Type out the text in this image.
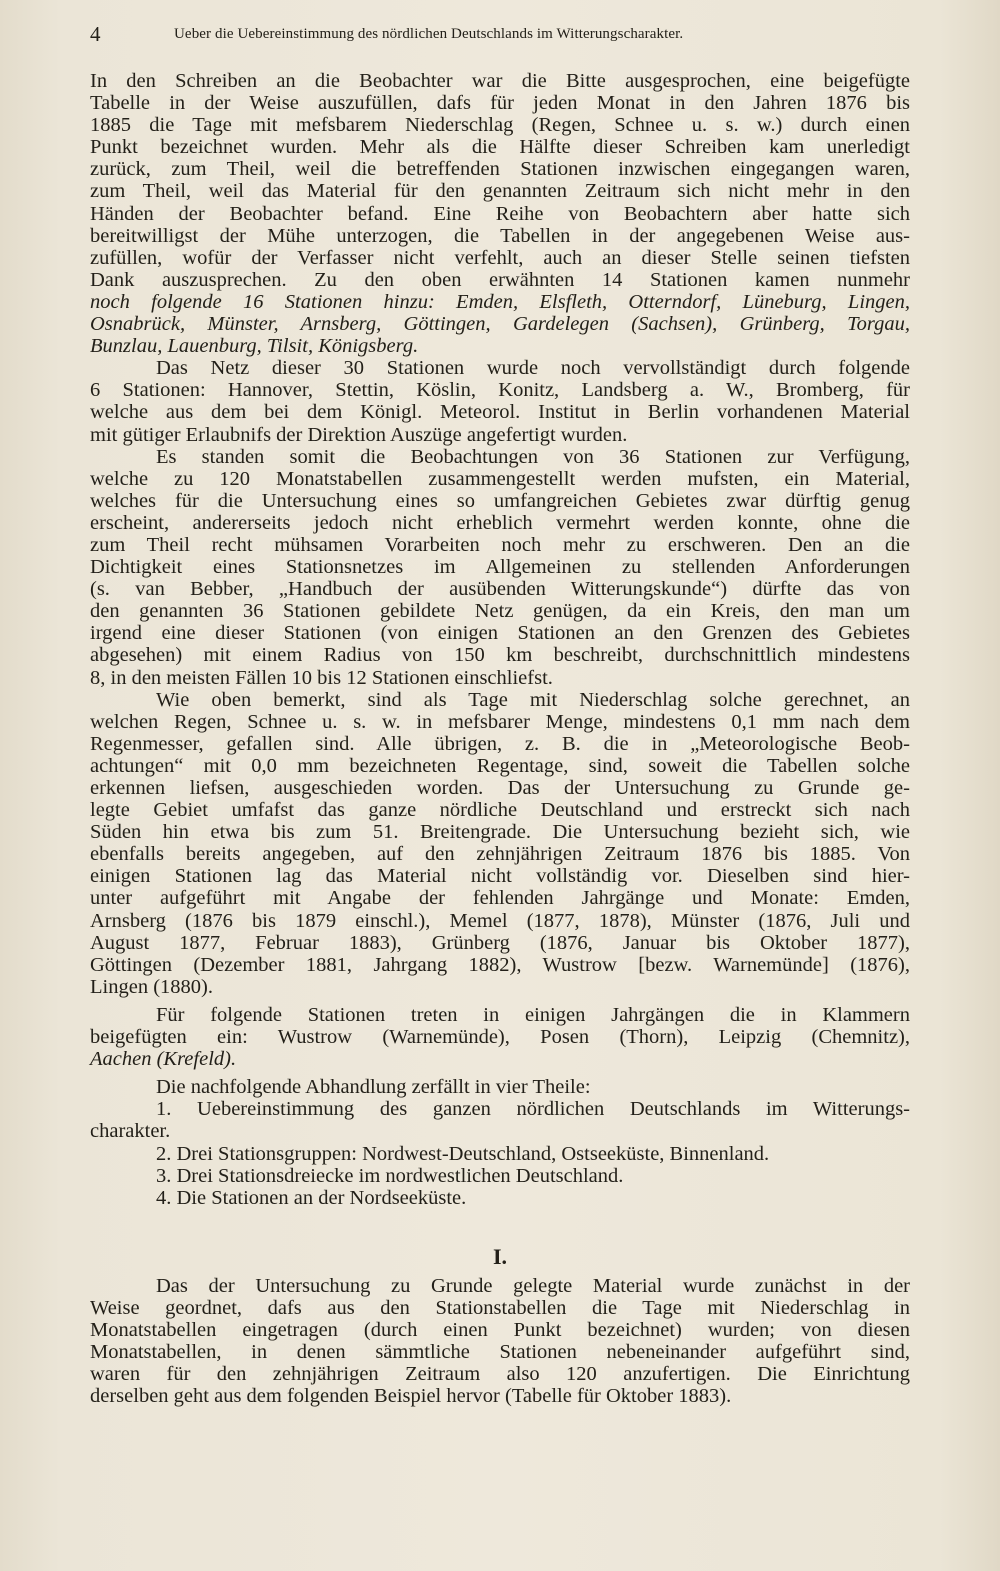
4	Ueber die Uebereinstimmung des nördlichen Deutschlands im Witterungscharakter.
In den Schreiben an die Beobachter war die Bitte ausgesprochen, eine beigefügte
Tabelle in der Weise auszufüllen, dafs für jeden Monat in den Jahren 1876 bis
1885 die Tage mit mefsbarem Niederschlag (Regen, Schnee u. s. w.) durch einen
Punkt bezeichnet wurden. Mehr als die Hälfte dieser Schreiben kam unerledigt
zurück, zum Theil, weil die betreffenden Stationen inzwischen eingegangen waren,
zum Theil, weil das Material für den genannten Zeitraum sich nicht mehr in den
Händen der Beobachter befand. Eine Reihe von Beobachtern aber hatte sich
bereitwilligst der Mühe unterzogen, die Tabellen in der angegebenen Weise aus-
zufüllen, wofür der Verfasser nicht verfehlt, auch an dieser Stelle seinen tiefsten
Dank auszusprechen. Zu den oben erwähnten 14 Stationen kamen nunmehr
noch folgende 16 Stationen hinzu: Emden, Elsfleth, Otterndorf, Lüneburg, Lingen,
Osnabrück, Münster, Arnsberg, Göttingen, Gardelegen (Sachsen), Grünberg, Torgau,
Bunzlau, Lauenburg, Tilsit, Königsberg.
Das Netz dieser 30 Stationen wurde noch vervollständigt durch folgende
6 Stationen: Hannover, Stettin, Köslin, Konitz, Landsberg a. W., Bromberg, für
welche aus dem bei dem Königl. Meteorol. Institut in Berlin vorhandenen Material
mit gütiger Erlaubnifs der Direktion Auszüge angefertigt wurden.
Es standen somit die Beobachtungen von 36 Stationen zur Verfügung,
welche zu 120 Monatstabellen zusammengestellt werden mufsten, ein Material,
welches für die Untersuchung eines so umfangreichen Gebietes zwar dürftig genug
erscheint, andererseits jedoch nicht erheblich vermehrt werden konnte, ohne die
zum Theil recht mühsamen Vorarbeiten noch mehr zu erschweren. Den an die
Dichtigkeit eines Stationsnetzes im Allgemeinen zu stellenden Anforderungen
(s. van Bebber, „Handbuch der ausübenden Witterungskunde“) dürfte das von
den genannten 36 Stationen gebildete Netz genügen, da ein Kreis, den man um
irgend eine dieser Stationen (von einigen Stationen an den Grenzen des Gebietes
abgesehen) mit einem Radius von 150 km beschreibt, durchschnittlich mindestens
8, in den meisten Fällen 10 bis 12 Stationen einschliefst.
Wie oben bemerkt, sind als Tage mit Niederschlag solche gerechnet, an
welchen Regen, Schnee u. s. w. in mefsbarer Menge, mindestens 0,1 mm nach dem
Regenmesser, gefallen sind. Alle übrigen, z. B. die in „Meteorologische Beob-
achtungen“ mit 0,0 mm bezeichneten Regentage, sind, soweit die Tabellen solche
erkennen liefsen, ausgeschieden worden. Das der Untersuchung zu Grunde ge-
legte Gebiet umfafst das ganze nördliche Deutschland und erstreckt sich nach
Süden hin etwa bis zum 51. Breitengrade. Die Untersuchung bezieht sich, wie
ebenfalls bereits angegeben, auf den zehnjährigen Zeitraum 1876 bis 1885. Von
einigen Stationen lag das Material nicht vollständig vor. Dieselben sind hier-
unter aufgeführt mit Angabe der fehlenden Jahrgänge und Monate: Emden,
Arnsberg (1876 bis 1879 einschl.), Memel (1877, 1878), Münster (1876, Juli und
August 1877, Februar 1883), Grünberg (1876, Januar bis Oktober 1877),
Göttingen (Dezember 1881, Jahrgang 1882), Wustrow [bezw. Warnemünde] (1876),
Lingen (1880).
Für folgende Stationen treten in einigen Jahrgängen die in Klammern
beigefügten ein: Wustrow (Warnemünde), Posen (Thorn), Leipzig (Chemnitz),
Aachen (Krefeld).
Die nachfolgende Abhandlung zerfällt in vier Theile:
1. Uebereinstimmung des ganzen nördlichen Deutschlands im Witterungs-
charakter.
2. Drei Stationsgruppen: Nordwest-Deutschland, Ostseeküste, Binnenland.
3. Drei Stationsdreiecke im nordwestlichen Deutschland.
4. Die Stationen an der Nordseeküste.
I.
Das der Untersuchung zu Grunde gelegte Material wurde zunächst in der
Weise geordnet, dafs aus den Stationstabellen die Tage mit Niederschlag in
Monatstabellen eingetragen (durch einen Punkt bezeichnet) wurden; von diesen
Monatstabellen, in denen sämmtliche Stationen nebeneinander aufgeführt sind,
waren für den zehnjährigen Zeitraum also 120 anzufertigen. Die Einrichtung
derselben geht aus dem folgenden Beispiel hervor (Tabelle für Oktober 1883).
